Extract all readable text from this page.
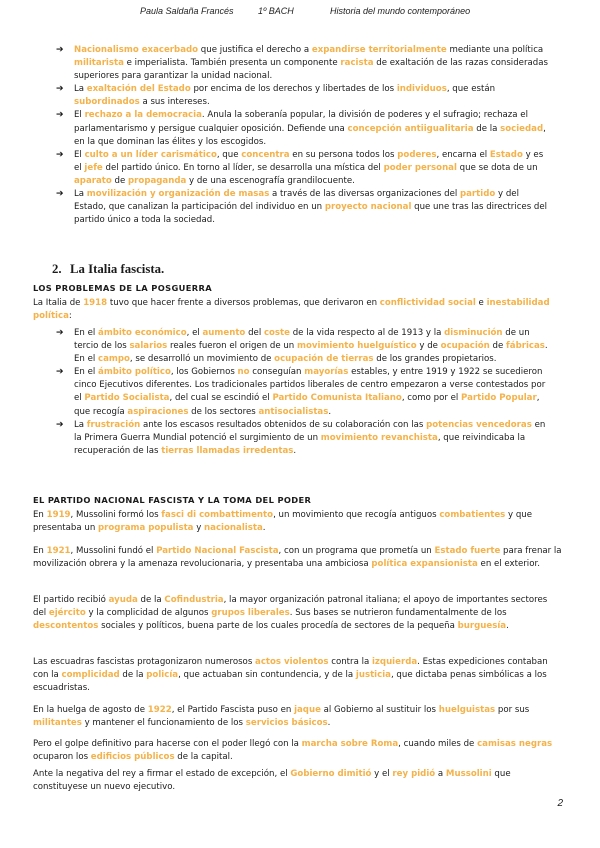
Paula Saldaña Francés	1º BACH	Historia del mundo contemporáneo
➔ Nacionalismo exacerbado que justifica el derecho a expandirse territorialmente mediante una política militarista e imperialista. También presenta un componente racista de exaltación de las razas consideradas superiores para garantizar la unidad nacional.
➔ La exaltación del Estado por encima de los derechos y libertades de los individuos, que están subordinados a sus intereses.
➔ El rechazo a la democracia. Anula la soberanía popular, la división de poderes y el sufragio; rechaza el parlamentarismo y persigue cualquier oposición. Defiende una concepción antiigualitaria de la sociedad, en la que dominan las élites y los escogidos.
➔ El culto a un líder carismático, que concentra en su persona todos los poderes, encarna el Estado y es el jefe del partido único. En torno al líder, se desarrolla una mística del poder personal que se dota de un aparato de propaganda y de una escenografía grandilocuente.
➔ La movilización y organización de masas a través de las diversas organizaciones del partido y del Estado, que canalizan la participación del individuo en un proyecto nacional que une tras las directrices del partido único a toda la sociedad.
2. La Italia fascista.
LOS PROBLEMAS DE LA POSGUERRA

La Italia de 1918 tuvo que hacer frente a diversos problemas, que derivaron en conflictividad social e inestabilidad política:

➔ En el ámbito económico, el aumento del coste de la vida respecto al de 1913 y la disminución de un tercio de los salarios reales fueron el origen de un movimiento huelguístico y de ocupación de fábricas. En el campo, se desarrolló un movimiento de ocupación de tierras de los grandes propietarios.
➔ En el ámbito político, los Gobiernos no conseguían mayorías estables, y entre 1919 y 1922 se sucedieron cinco Ejecutivos diferentes. Los tradicionales partidos liberales de centro empezaron a verse contestados por el Partido Socialista, del cual se escindió el Partido Comunista Italiano, como por el Partido Popular, que recogía aspiraciones de los sectores antisocialistas.
➔ La frustración ante los escasos resultados obtenidos de su colaboración con las potencias vencedoras en la Primera Guerra Mundial potenció el surgimiento de un movimiento revanchista, que reivindicaba la recuperación de las tierras llamadas irredentas.
EL PARTIDO NACIONAL FASCISTA Y LA TOMA DEL PODER

En 1919, Mussolini formó los fasci di combattimento, un movimiento que recogía antiguos combatientes y que presentaba un programa populista y nacionalista.

En 1921, Mussolini fundó el Partido Nacional Fascista, con un programa que prometía un Estado fuerte para frenar la movilización obrera y la amenaza revolucionaria, y presentaba una ambiciosa política expansionista en el exterior.

El partido recibió ayuda de la Cofindustria, la mayor organización patronal italiana; el apoyo de importantes sectores del ejército y la complicidad de algunos grupos liberales. Sus bases se nutrieron fundamentalmente de los descontentos sociales y políticos, buena parte de los cuales procedía de sectores de la pequeña burguesía.

Las escuadras fascistas protagonizaron numerosos actos violentos contra la izquierda. Estas expediciones contaban con la complicidad de la policía, que actuaban sin contundencia, y de la justicia, que dictaba penas simbólicas a los escuadristas.

En la huelga de agosto de 1922, el Partido Fascista puso en jaque al Gobierno al sustituir los huelguistas por sus militantes y mantener el funcionamiento de los servicios básicos.

Pero el golpe definitivo para hacerse con el poder llegó con la marcha sobre Roma, cuando miles de camisas negras ocuparon los edificios públicos de la capital.

Ante la negativa del rey a firmar el estado de excepción, el Gobierno dimitió y el rey pidió a Mussolini que constituyese un nuevo ejecutivo.

2
